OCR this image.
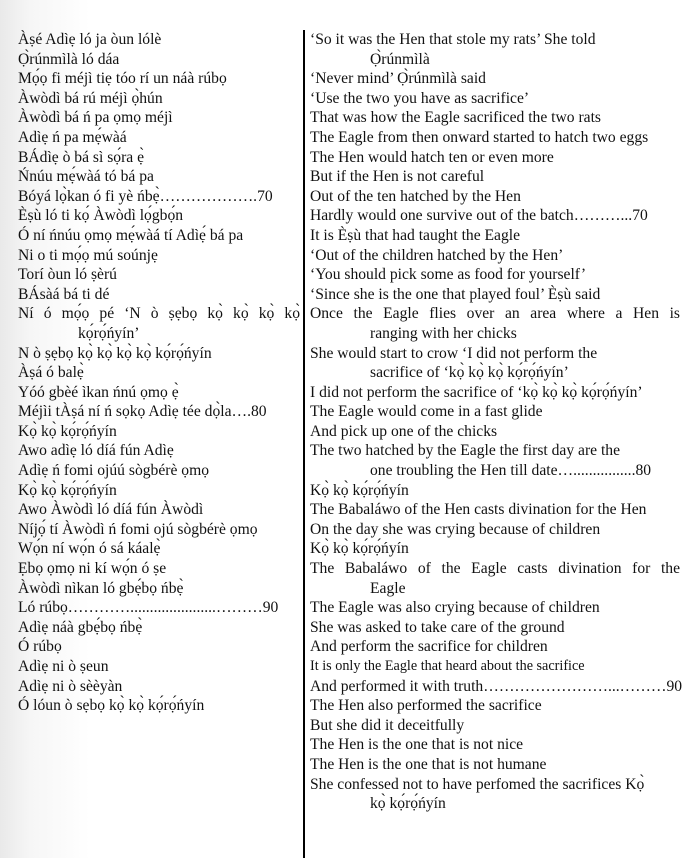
Àṣé Adìẹ ló ja òun lólè
Ọ̀rúnmìlà ló dáa
Mọ́ọ fi méjì tiẹ tóo rí un náà rúbọ
Àwòdì bá rú méjì ọ̀hún
Àwòdì bá ń pa ọmọ méjì
Adìẹ ń pa mẹ́wàá
BÁdìẹ ò bá sì sọ́ra ẹ̀
Ńnúu mẹ́wàá tó bá pa
Bóyá lọ̀kan ó fi yè ńbẹ̀……………….70
Èṣù ló ti kọ́ Àwòdì lọ́gbọ́n
Ó ní ńnúu ọmọ mẹ́wàá tí Adìẹ́ bá pa
Ni o ti mọ́ọ mú soúnjẹ
Torí òun ló ṣèrú
BÁsàá bá ti dé
Ní ó mọ́ọ pé ‘N ò ṣẹbọ kọ̀ kọ̀ kọ̀ kọ̀
kọ́rọ́ńyín’
N ò ṣẹbọ kọ̀ kọ̀ kọ̀ kọ̀ kọ́rọ́ńyín
Àṣá ó balẹ̀
Yóó gbèé ìkan ńnú ọmọ ẹ̀
Méjìi tÀṣá ní ń sọkọ Adìẹ tée dọ̀la….80
Kọ̀ kọ̀ kọ́rọ́ńyín
Awo adìẹ ló díá fún Adìẹ
Adìẹ ń fomi ojúú sògbérè ọmọ
Kọ̀ kọ̀ kọ́rọ́ńyín
Awo Àwòdì ló díá fún Àwòdì
Níjọ́ tí Àwòdì ń fomi ojú sògbérè ọmọ
Wọ́n ní wọ́n ó sá káalẹ̀
Ẹbọ ọmọ ni kí wọ́n ó ṣe
Àwòdì nìkan ló gbẹ́bọ ńbẹ̀
Ló rúbọ…………......................………90
Adìẹ náà gbẹ́bọ ńbẹ̀
Ó rúbọ
Adìẹ ni ò ṣeun
Adìẹ ni ò sèèyàn
Ó lóun ò sẹbọ kọ̀ kọ̀ kọ́rọ́ńyín
‘So it was the Hen that stole my rats’ She told
Ọ̀rúnmìlà
‘Never mind’ Ọ̀rúnmìlà said
‘Use the two you have as sacrifice’
That was how the Eagle sacrificed the two rats
The Eagle from then onward started to hatch two eggs
The Hen would hatch ten or even more
But if the Hen is not careful
Out of the ten hatched by the Hen
Hardly would one survive out of the batch………...70
It is Èṣù that had taught the Eagle
‘Out of the children hatched by the Hen’
‘You should pick some as food for yourself’
‘Since she is the one that played foul’ Èṣù said
Once the Eagle flies over an area where a Hen is
ranging with her chicks
She would start to crow ‘I did not perform the
sacrifice of ‘kọ̀ kọ̀ kọ̀ kọ́rọ́ńyín’
I did not perform the sacrifice of ‘kọ̀ kọ̀ kọ̀ kọ́rọ́ńyín’
The Eagle would come in a fast glide
And pick up one of the chicks
The two hatched by the Eagle the first day are the
one troubling the Hen till date…................80
Kọ̀ kọ̀ kọ́rọ́ńyín
The Babaláwo of the Hen casts divination for the Hen
On the day she was crying because of children
Kọ̀ kọ̀ kọ́rọ́ńyín
The Babaláwo of the Eagle casts divination for the
Eagle
The Eagle was also crying because of children
She was asked to take care of the ground
And perform the sacrifice for children
It is only the Eagle that heard about the sacrifice
And performed it with truth……………………...………90
The Hen also performed the sacrifice
But she did it deceitfully
The Hen is the one that is not nice
The Hen is the one that is not humane
She confessed not to have perfomed the sacrifices Kọ̀
kọ̀ kọ́rọ́ńyín
